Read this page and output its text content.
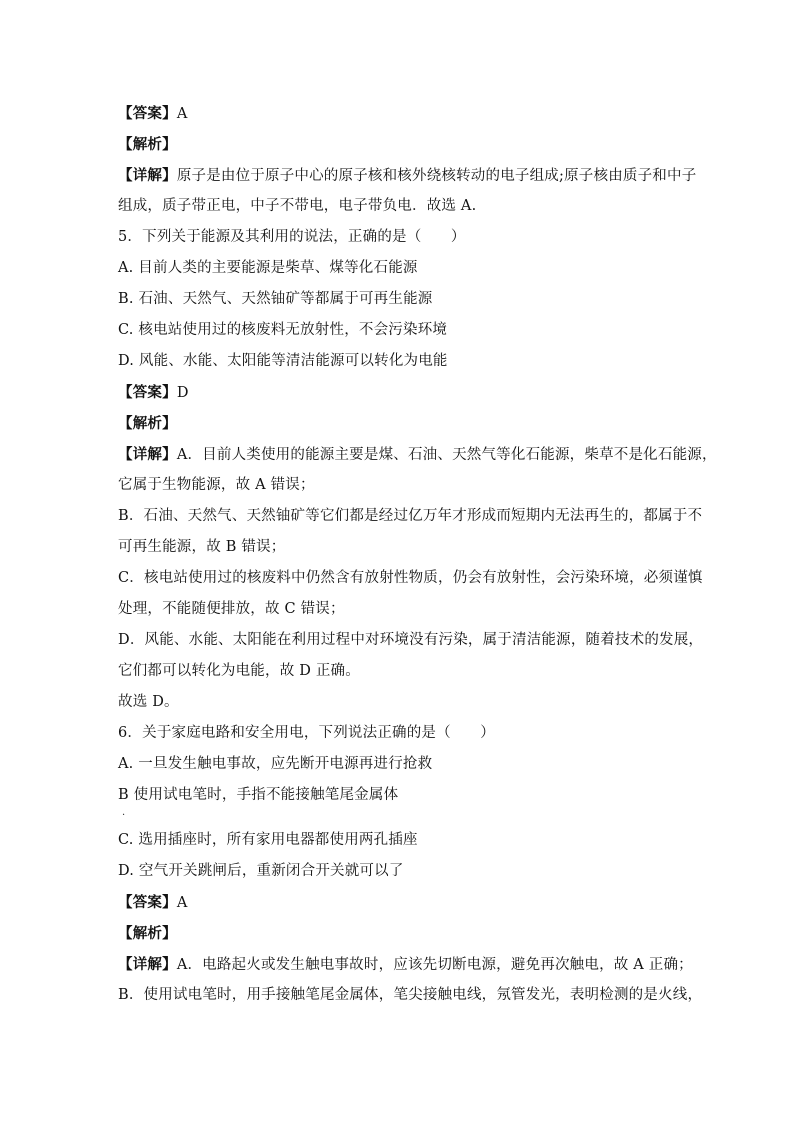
【答案】A
【解析】
【详解】原子是由位于原子中心的原子核和核外绕核转动的电子组成;原子核由质子和中子
组成，质子带正电，中子不带电，电子带负电．故选 A.
5．下列关于能源及其利用的说法，正确的是（　　）
A. 目前人类的主要能源是柴草、煤等化石能源
B. 石油、天然气、天然铀矿等都属于可再生能源
C. 核电站使用过的核废料无放射性，不会污染环境
D. 风能、水能、太阳能等清洁能源可以转化为电能
【答案】D
【解析】
【详解】A．目前人类使用的能源主要是煤、石油、天然气等化石能源，柴草不是化石能源，
它属于生物能源，故 A 错误；
B．石油、天然气、天然铀矿等它们都是经过亿万年才形成而短期内无法再生的，都属于不
可再生能源，故 B 错误；
C．核电站使用过的核废料中仍然含有放射性物质，仍会有放射性，会污染环境，必须谨慎
处理，不能随便排放，故 C 错误；
D．风能、水能、太阳能在利用过程中对环境没有污染，属于清洁能源，随着技术的发展，
它们都可以转化为电能，故 D 正确。
故选 D。
6．关于家庭电路和安全用电，下列说法正确的是（　　）
A. 一旦发生触电事故，应先断开电源再进行抢救
B 使用试电笔时，手指不能接触笔尾金属体
·
C. 选用插座时，所有家用电器都使用两孔插座
D. 空气开关跳闸后，重新闭合开关就可以了
【答案】A
【解析】
【详解】A．电路起火或发生触电事故时，应该先切断电源，避免再次触电，故 A 正确；
B．使用试电笔时，用手接触笔尾金属体，笔尖接触电线，氖管发光，表明检测的是火线，
